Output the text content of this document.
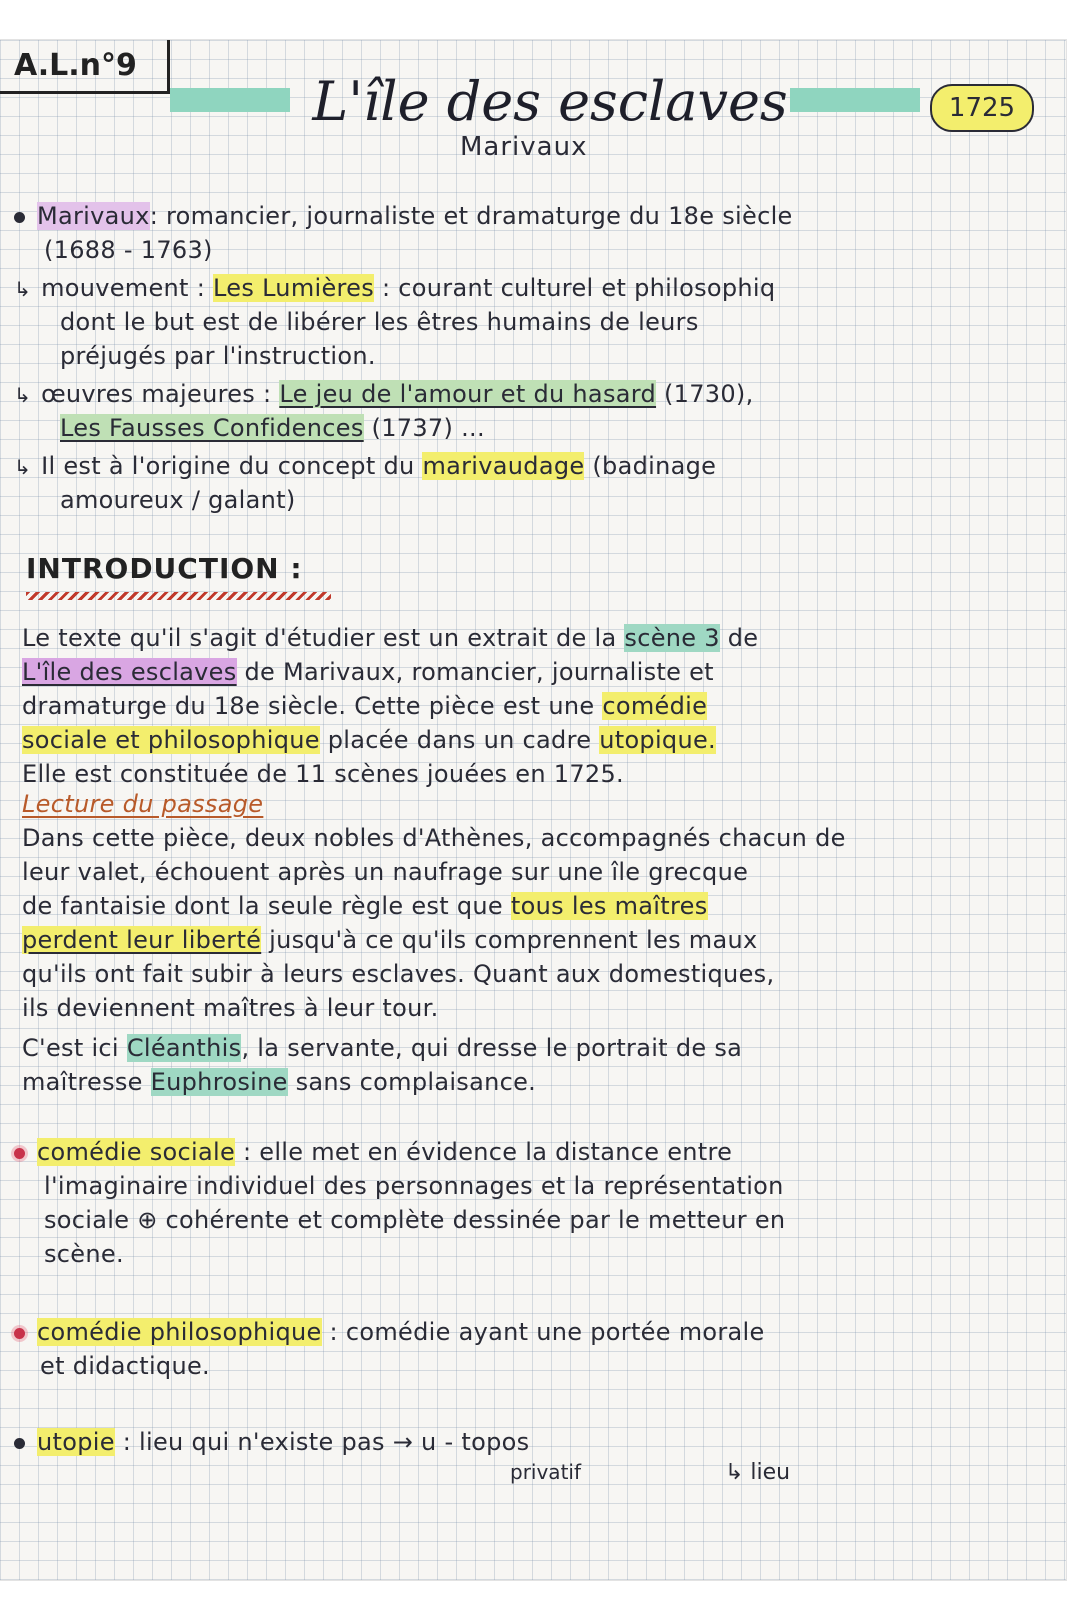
A.L.n°9
L'île des esclaves
Marivaux
1725
Marivaux: romancier, journaliste et dramaturge du 18e siècle
(1688 - 1763)
↳ mouvement : Les Lumières : courant culturel et philosophiq
dont le but est de libérer les êtres humains de leurs
préjugés par l'instruction.
↳ œuvres majeures : Le jeu de l'amour et du hasard (1730),
Les Fausses Confidences (1737) ...
↳ Il est à l'origine du concept du marivaudage (badinage
amoureux / galant)
INTRODUCTION :
Le texte qu'il s'agit d'étudier est un extrait de la scène 3 de
L'île des esclaves de Marivaux, romancier, journaliste et
dramaturge du 18e siècle. Cette pièce est une comédie
sociale et philosophique placée dans un cadre utopique.
Elle est constituée de 11 scènes jouées en 1725.
Lecture du passage
Dans cette pièce, deux nobles d'Athènes, accompagnés chacun de
leur valet, échouent après un naufrage sur une île grecque
de fantaisie dont la seule règle est que tous les maîtres
perdent leur liberté jusqu'à ce qu'ils comprennent les maux
qu'ils ont fait subir à leurs esclaves. Quant aux domestiques,
ils deviennent maîtres à leur tour.
C'est ici Cléanthis, la servante, qui dresse le portrait de sa
maîtresse Euphrosine sans complaisance.
comédie sociale : elle met en évidence la distance entre
l'imaginaire individuel des personnages et la représentation
sociale ⊕ cohérente et complète dessinée par le metteur en
scène.
comédie philosophique : comédie ayant une portée morale
et didactique.
utopie : lieu qui n'existe pas → u - topos
privatif	↳ lieu
